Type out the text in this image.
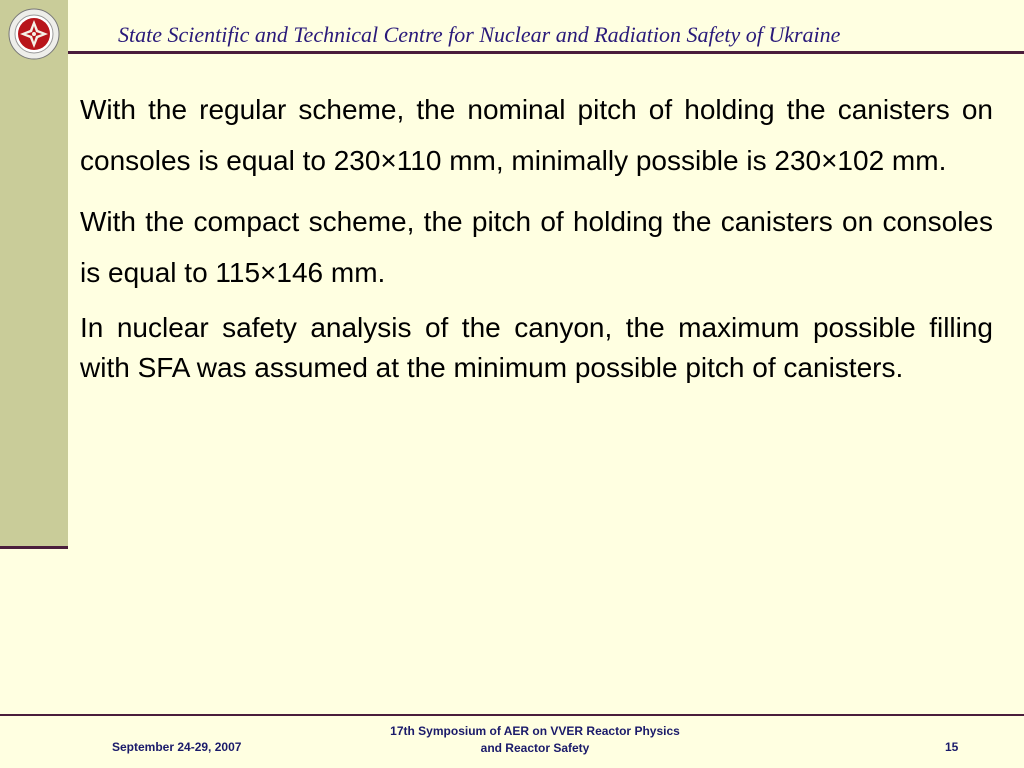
State Scientific and Technical Centre for Nuclear and Radiation Safety of Ukraine

With the regular scheme, the nominal pitch of holding the canisters on consoles is equal to 230×110 mm, minimally possible is 230×102 mm.

With the compact scheme, the pitch of holding the canisters on consoles is equal to 115×146 mm.

In nuclear safety analysis of the canyon, the maximum possible filling with SFA was assumed at the minimum possible pitch of canisters.

September 24-29, 2007
17th Symposium of AER on VVER Reactor Physics
and Reactor Safety	15
